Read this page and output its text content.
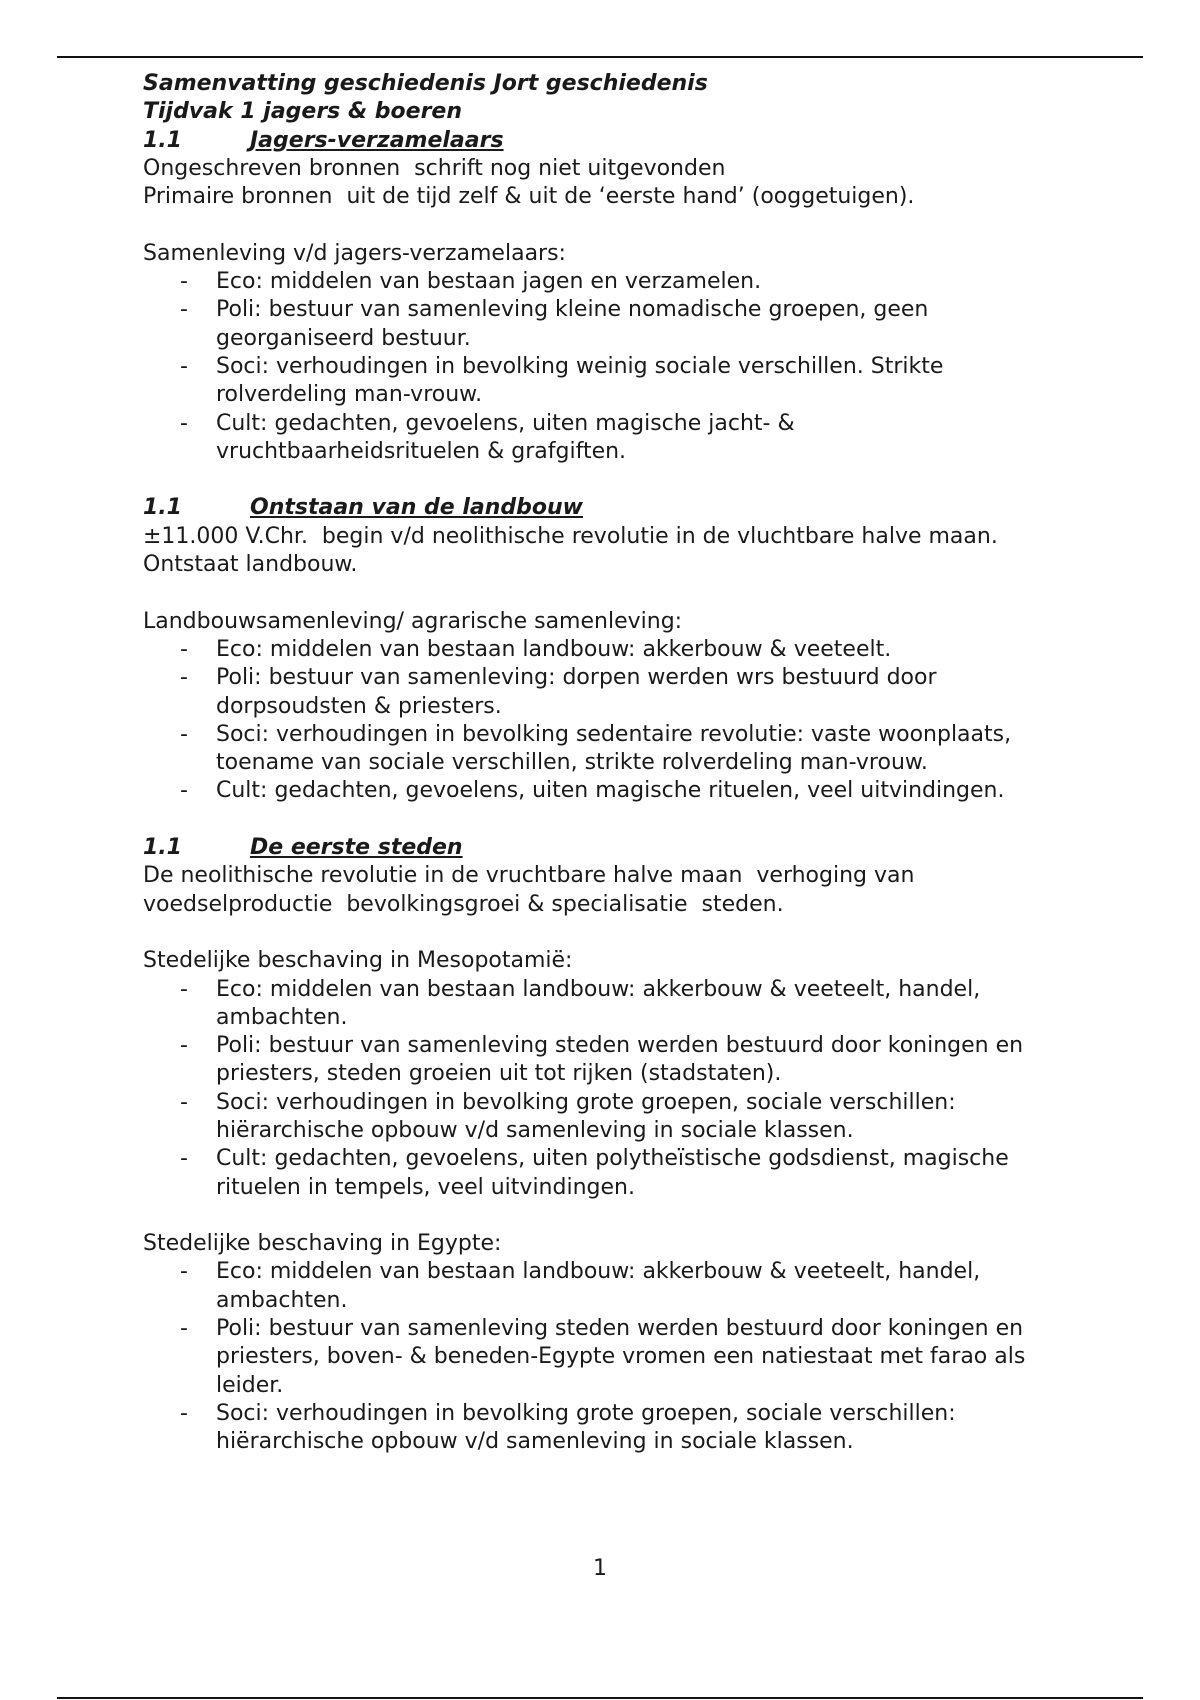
Samenvatting geschiedenis Jort geschiedenis

Tijdvak 1 jagers & boeren

1.1	Jagers-verzamelaars

Ongeschreven bronnen  schrift nog niet uitgevonden

Primaire bronnen  uit de tijd zelf & uit de ‘eerste hand’ (ooggetuigen).

Samenleving v/d jagers-verzamelaars:

- Eco: middelen van bestaan jagen en verzamelen.
- Poli: bestuur van samenleving kleine nomadische groepen, geen georganiseerd bestuur.
- Soci: verhoudingen in bevolking weinig sociale verschillen. Strikte rolverdeling man-vrouw.
- Cult: gedachten, gevoelens, uiten magische jacht- & vruchtbaarheidsrituelen & grafgiften.

1.1	Ontstaan van de landbouw

±11.000 V.Chr.  begin v/d neolithische revolutie in de vluchtbare halve maan.  Ontstaat landbouw.

Landbouwsamenleving/ agrarische samenleving:

- Eco: middelen van bestaan landbouw: akkerbouw & veeteelt.
- Poli: bestuur van samenleving: dorpen werden wrs bestuurd door dorpsoudsten & priesters.
- Soci: verhoudingen in bevolking sedentaire revolutie: vaste woonplaats, toename van sociale verschillen, strikte rolverdeling man-vrouw.
- Cult: gedachten, gevoelens, uiten magische rituelen, veel uitvindingen.

1.1	De eerste steden

De neolithische revolutie in de vruchtbare halve maan  verhoging van voedselproductie  bevolkingsgroei & specialisatie  steden.

Stedelijke beschaving in Mesopotamië:

- Eco: middelen van bestaan landbouw: akkerbouw & veeteelt, handel, ambachten.
- Poli: bestuur van samenleving steden werden bestuurd door koningen en priesters, steden groeien uit tot rijken (stadstaten).
- Soci: verhoudingen in bevolking grote groepen, sociale verschillen: hiërarchische opbouw v/d samenleving in sociale klassen.
- Cult: gedachten, gevoelens, uiten polytheïstische godsdienst, magische rituelen in tempels, veel uitvindingen.

Stedelijke beschaving in Egypte:

- Eco: middelen van bestaan landbouw: akkerbouw & veeteelt, handel, ambachten.
- Poli: bestuur van samenleving steden werden bestuurd door koningen en priesters, boven- & beneden-Egypte vromen een natiestaat met farao als leider.
- Soci: verhoudingen in bevolking grote groepen, sociale verschillen: hiërarchische opbouw v/d samenleving in sociale klassen.
1
